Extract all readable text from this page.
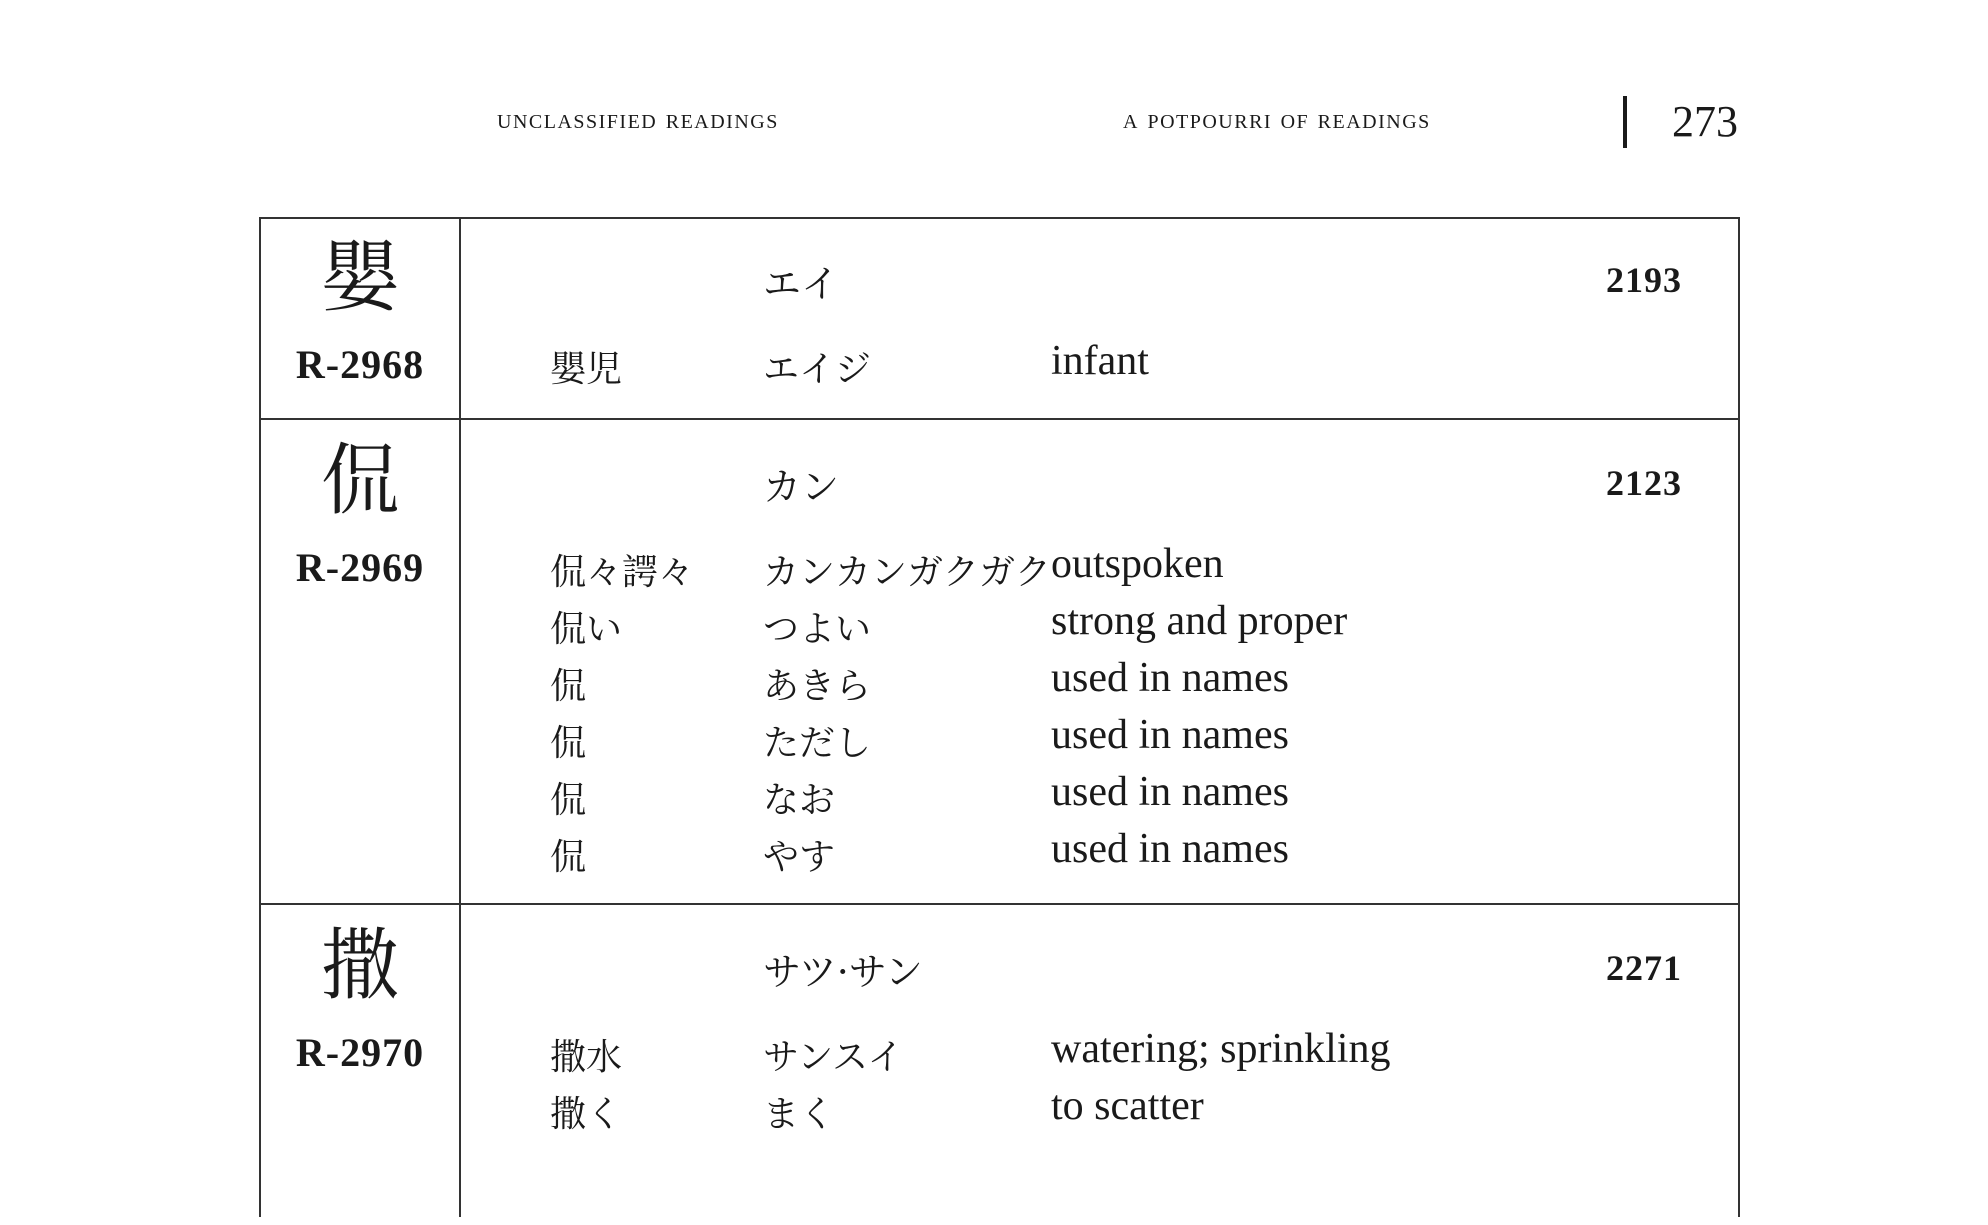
unclassified readings	a potpourri of readings	273
嬰
R-2968
エイ	2193
嬰児	エイジ	infant
侃
R-2969
カン	2123
侃々諤々 カンカンガクガク outspoken
侃い	つよい	strong and proper
侃	あきら	used in names
侃	ただし	used in names
侃	なお	used in names
侃	やす	used in names
撒
R-2970
サツ·サン	2271
撒水	サンスイ	watering; sprinkling
撒く	まく	to scatter
